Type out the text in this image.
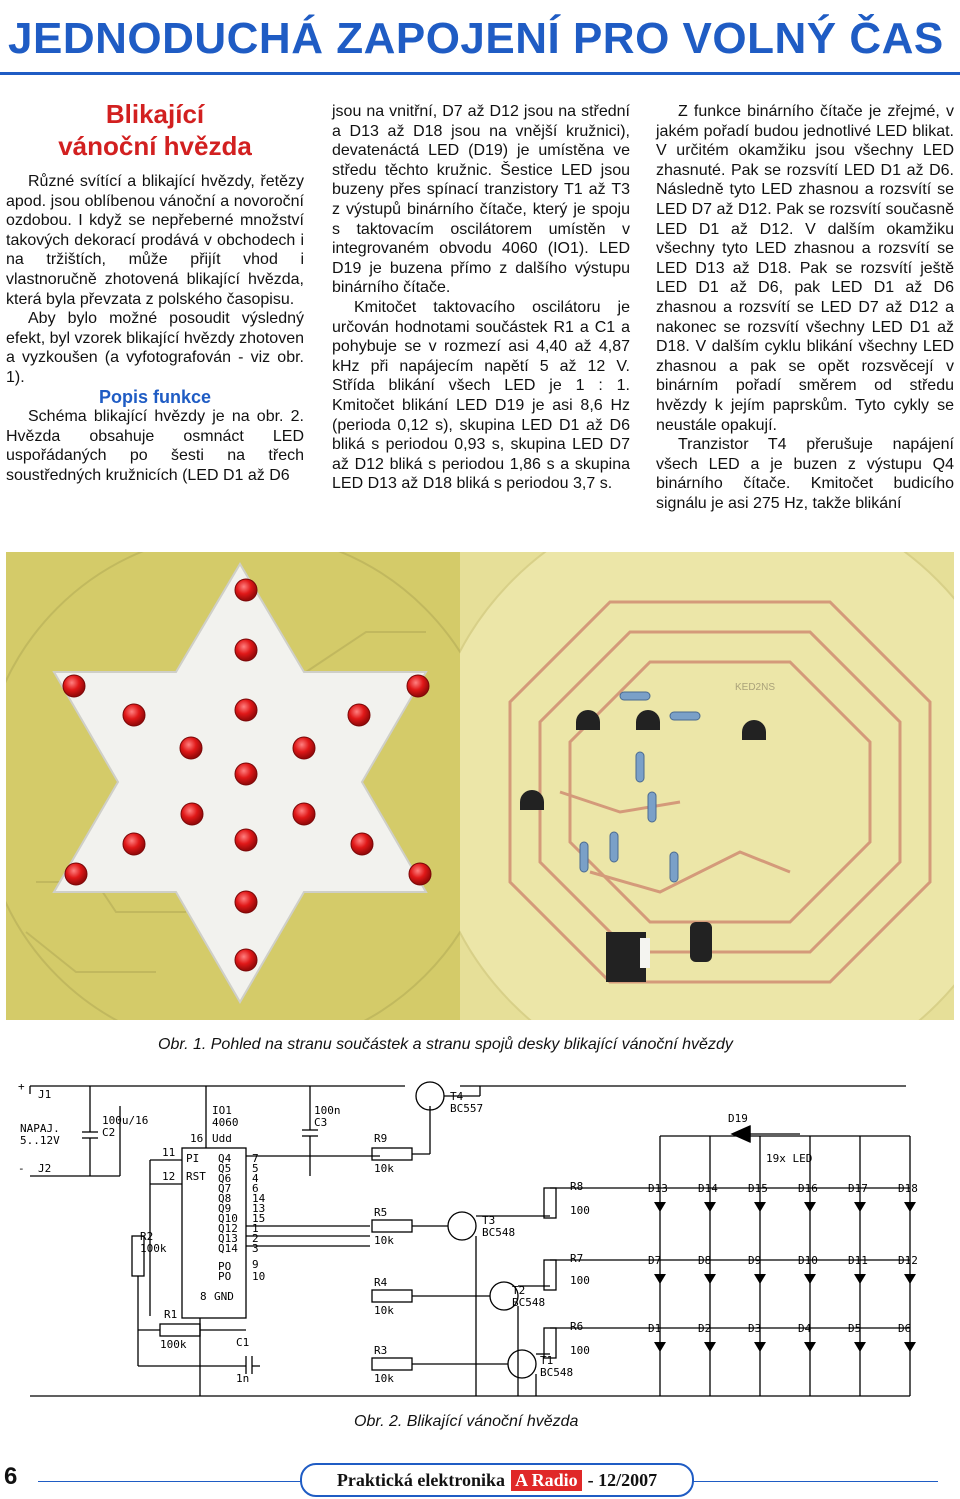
JEDNODUCHÁ ZAPOJENÍ PRO VOLNÝ ČAS
Blikající
vánoční hvězda

Různé svítící a blikající hvězdy, řetězy apod. jsou oblíbenou vánoční a novoroční ozdobou. I když se nepřeberné množství takových dekorací prodává v obchodech i na tržištích, může přijít vhod i vlastnoručně zhotovená blikající hvězda, která byla převzata z polského časopisu.

Aby bylo možné posoudit výsledný efekt, byl vzorek blikající hvězdy zhotoven a vyzkoušen (a vyfotografován - viz obr. 1).

Popis funkce

Schéma blikající hvězdy je na obr. 2. Hvězda obsahuje osmnáct LED uspořádaných po šesti na třech soustředných kružnicích (LED D1 až D6

jsou na vnitřní, D7 až D12 jsou na střední a D13 až D18 jsou na vnější kružnici), devatenáctá LED (D19) je umístěna ve středu těchto kružnic. Šestice LED jsou buzeny přes spínací tranzistory T1 až T3 z výstupů binárního čítače, který je spoju s taktovacím oscilátorem umístěn v integrovaném obvodu 4060 (IO1). LED D19 je buzena přímo z dalšího výstupu binárního čítače.

Kmitočet taktovacího oscilátoru je určován hodnotami součástek R1 a C1 a pohybuje se v rozmezí asi 4,40 až 4,87 kHz při napájecím napětí 5 až 12 V. Střída blikání všech LED je 1 : 1. Kmitočet blikání LED D19 je asi 8,6 Hz (perioda 0,12 s), skupina LED D1 až D6 bliká s periodou 0,93 s, skupina LED D7 až D12 bliká s periodou 1,86 s a skupina LED D13 až D18 bliká s periodou 3,7 s.

Z funkce binárního čítače je zřejmé, v jakém pořadí budou jednotlivé LED blikat. V určitém okamžiku jsou všechny LED zhasnuté. Pak se rozsvítí LED D1 až D6. Následně tyto LED zhasnou a rozsvítí se LED D7 až D12. Pak se rozsvítí současně LED D1 až D12. V dalším okamžiku všechny tyto LED zhasnou a rozsvítí se LED D13 až D18. Pak se rozsvítí ještě LED D1 až D6, pak LED D1 až D6 zhasnou a rozsvítí se LED D7 až D12 a nakonec se rozsvítí všechny LED D1 až D18. V dalším cyklu blikání všechny LED zhasnou a pak se opět rozsvěcejí v binárním pořadí směrem od středu hvězdy k jejím paprskům. Tyto cykly se neustále opakují.

Tranzistor T4 přerušuje napájení všech LED a je buzen z výstupu Q4 binárního čítače. Kmitočet budicího signálu je asi 275 Hz, takže blikání

KED2NS
Obr. 1. Pohled na stranu součástek a stranu spojů desky blikající vánoční hvězdy
+
J1
NAPAJ.
5..12V
- J2
100u/16
C2
IO1
4060
16 Udd
100n
C3
T4
BC557
11
12
PI
RST
Q4 7
Q5 5
Q6 4
Q7 6
Q8 14
Q9 13
Q10 15
Q12 1
Q13 2
Q14 3
PO
PO
9
10
8 GND
R2
100k
R1
100k	C1
1n
R9
10k
R5
10k
R4
10k
R3
10k
T3
BC548
T2
BC548
T1
BC548
R8
100
R7
100
R6
100
D19
19x LED
D13	D14	D15	D16	D17	D18
D7	D8	D9	D10	D11	D12
D1	D2	D3	D4	D5	D6
Obr. 2. Blikající vánoční hvězda
6	Praktická elektronika A Radio - 12/2007
